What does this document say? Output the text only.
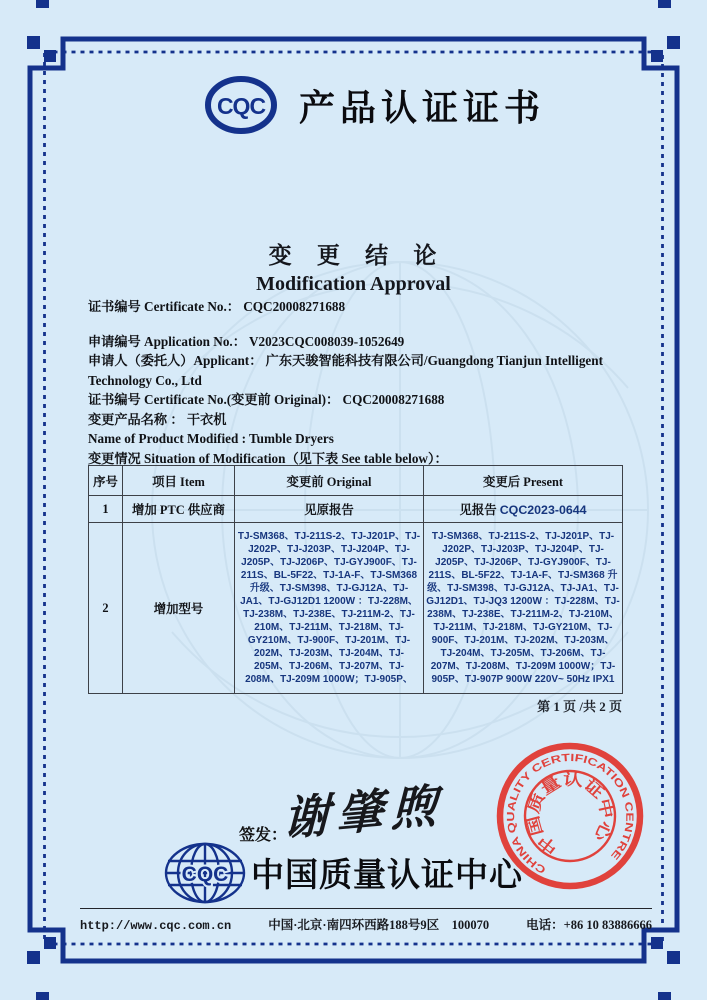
CQC 产品认证证书
变   更   结   论
Modification Approval

证书编号 Certificate No.： CQC20008271688

申请编号 Application No.： V2023CQC008039-1052649

申请人（委托人）Applicant： 广东天骏智能科技有限公司/Guangdong Tianjun Intelligent Technology Co., Ltd

证书编号 Certificate No.(变更前 Original)： CQC20008271688

变更产品名称 ： 干衣机

Name of Product Modified : Tumble Dryers

变更情况 Situation of Modification（见下表 See table below）：

序号	项目 Item	变更前 Original	变更后 Present
1	增加 PTC 供应商	见原报告	见报告 CQC2023-0644
2	增加型号	TJ-SM368、TJ-211S-2、TJ-J201P、TJ-J202P、TJ-J203P、TJ-J204P、TJ-J205P、TJ-J206P、TJ-GYJ900F、TJ-211S、BL-5F22、TJ-1A-F、TJ-SM368 升级、TJ-SM398、TJ-GJ12A、TJ-JA1、TJ-GJ12D1 1200W ：TJ-228M、TJ-238M、TJ-238E、TJ-211M-2、TJ-210M、TJ-211M、TJ-218M、TJ-GY210M、TJ-900F、TJ-201M、TJ-202M、TJ-203M、TJ-204M、TJ-205M、TJ-206M、TJ-207M、TJ-208M、TJ-209M 1000W；TJ-905P、	TJ-SM368、TJ-211S-2、TJ-J201P、TJ-J202P、TJ-J203P、TJ-J204P、TJ-J205P、TJ-J206P、TJ-GYJ900F、TJ-211S、BL-5F22、TJ-1A-F、TJ-SM368 升级、TJ-SM398、TJ-GJ12A、TJ-JA1、TJ-GJ12D1、TJ-JQ3 1200W ：TJ-228M、TJ-238M、TJ-238E、TJ-211M-2、TJ-210M、TJ-211M、TJ-218M、TJ-GY210M、TJ-900F、TJ-201M、TJ-202M、TJ-203M、TJ-204M、TJ-205M、TJ-206M、TJ-207M、TJ-208M、TJ-209M 1000W；TJ-905P、TJ-907P 900W 220V~ 50Hz IPX1
第 1 页 /共 2 页
签发：
谢肇煦
CQC 中国质量认证中心	CHINA QUALITY CERTIFICATION CENTRE
中国质量认证中心
http://www.cqc.com.cn	中国·北京·南四环西路188号9区　100070	电话：+86 10 83886666
